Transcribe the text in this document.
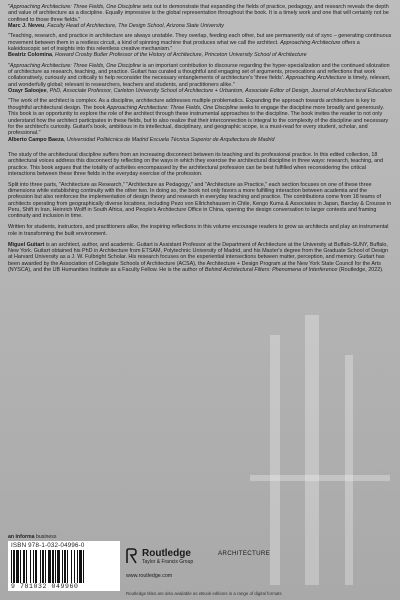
"Approaching Architecture: Three Fields, One Discipline sets out to demonstrate that expanding the fields of practice, pedagogy, and research reveals the depth and value of architecture as a discipline. Equally impressive is the global representation throughout the book. It is a timely work and one that will certainly not be confined to those three fields."

Marc J. Neveu, Faculty Head of Architecture, The Design School, Arizona State University

"Teaching, research, and practice in architecture are always unstable. They overlap, feeding each other, but are permanently out of sync – generating continuous movement between them in a restless circuit, a kind of spinning machine that produces what we call the architect. Approaching Architecture offers a kaleidoscopic set of insights into this relentless creative mechanism."

Beatriz Colomina, Howard Crosby Butler Professor of the History of Architecture, Princeton University School of Architecture

"Approaching Architecture: Three Fields, One Discipline is an important contribution to discourse regarding the hyper-specialization and the continued siloization of architecture as research, teaching, and practice. Guitart has curated a thoughtful and engaging set of arguments, provocations and reflections that work collaboratively, curiously and critically to help reconsider the necessary entanglements of architecture's 'three fields'. Approaching Architecture is timely, relevant, and wonderfully global; relevant to researchers, teachers and students, and practitioners alike."

Ozayr Saloojee, PhD, Associate Professor, Carleton University School of Architecture + Urbanism, Associate Editor of Design, Journal of Architectural Education

"The work of the architect is complex. As a discipline, architecture addresses multiple problematics. Expanding the approach towards architecture is key to thoughtful architectural design. The book Approaching Architecture: Three Fields, One Discipline seeks to engage the discipline more broadly and generously. This book is an opportunity to explore the role of the architect through these instrumental approaches to the discipline. The book invites the reader to not only understand how the architect participates in these fields, but to also realize that their interconnection is integral to the complexity of the discipline and necessary for the architect's curiosity. Guitart's book, ambitious in its intellectual, disciplinary, and geographic scope, is a must-read for every student, scholar, and professional."

Alberto Campo Baeza, Universidad Politécnica de Madrid Escuela Técnica Superior de Arquitectura de Madrid

The study of the architectural discipline suffers from an increasing disconnect between its teaching and its professional practice. In this edited collection, 18 architectural voices address this disconnect by reflecting on the ways in which they exercise the architectural discipline in three ways: research, teaching, and practice. This book argues that the totality of activities encompassed by the architectural profession can be best fulfilled when reconsidering the critical interactions between these three fields in the everyday exercise of the profession.

Split into three parts, "Architecture as Research," "Architecture as Pedagogy," and "Architecture as Practice," each section focuses on one of these three dimensions while establishing continuity with the other two. In doing so, the book not only favors a more fulfilling interaction between academia and the profession but also reinforces the implementation of design theory and research in everyday teaching and practice. The contributions come from 18 teams of architects operating from geographically diverse locations, including Pezo von Ellrichshausen in Chile, Kengo Kuma & Associates in Japan, Barclay & Crousse in Peru, Shift in Iran, Heinrich Wolff in South Africa, and People's Architecture Office in China, opening the design conversation to larger contexts and framing continuity and inclusion in time.

Written for students, instructors, and practitioners alike, the inspiring reflections in this volume encourage readers to grow as architects and play an instrumental role in transforming the built environment.

Miguel Guitart is an architect, author, and academic. Guitart is Assistant Professor at the Department of Architecture at the University at Buffalo-SUNY, Buffalo, New York. Guitart obtained his PhD in Architecture from ETSAM, Polytechnic University of Madrid, and his Master's degree from the Graduate School of Design at Harvard University as a J. W. Fulbright Scholar. His research focuses on the experiential intersections between matter, perception, and memory. Guitart has been awarded by the Association of Collegiate Schools of Architecture (ACSA), the Architecture + Design Program at the New York State Council for the Arts (NYSCA), and the UB Humanities Institute as a Faculty Fellow. He is the author of Behind Architectural Filters: Phenomena of Interference (Routledge, 2022).

an informa business
ISBN 978-1-032-04996-0
9 781032 049960
Routledge
Taylor & Francis Group
www.routledge.com
ARCHITECTURE
Routledge titles are also available as eBook editions in a range of digital formats
